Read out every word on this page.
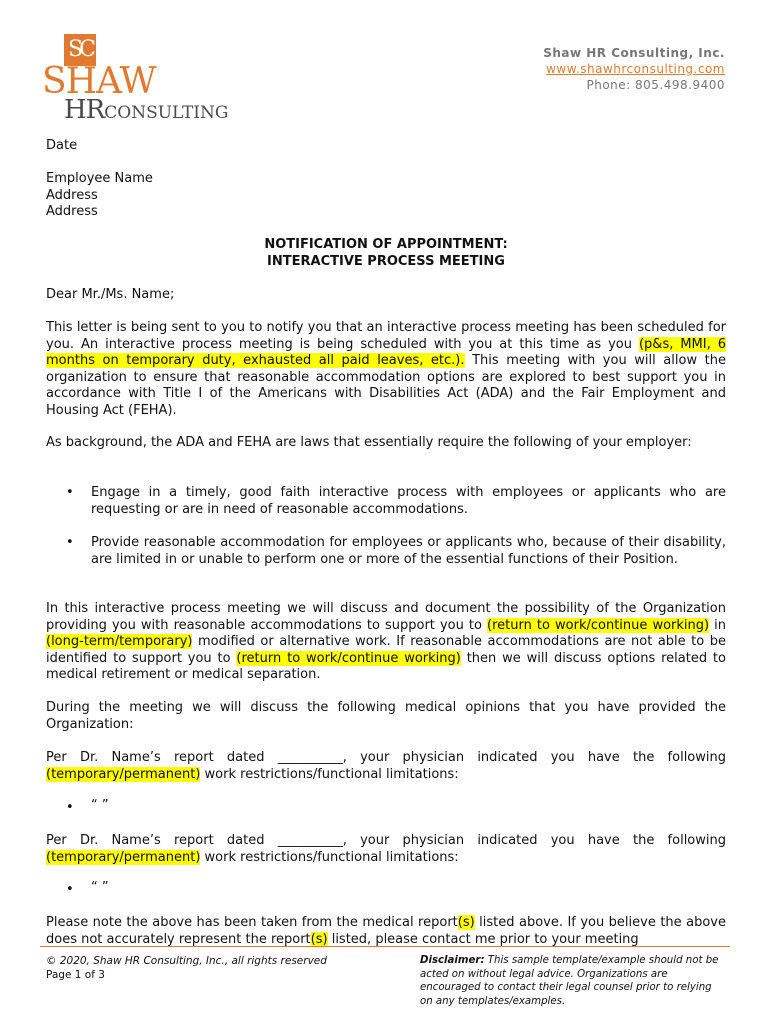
SC
SHAW
HRCONSULTING
Shaw HR Consulting, Inc.
www.shawhrconsulting.com
Phone: 805.498.9400
Date
Employee Name
Address
Address
NOTIFICATION OF APPOINTMENT:
INTERACTIVE PROCESS MEETING
Dear Mr./Ms. Name;
This letter is being sent to you to notify you that an interactive process meeting has been scheduled for you. An interactive process meeting is being scheduled with you at this time as you (p&s, MMI, 6 months on temporary duty, exhausted all paid leaves, etc.). This meeting with you will allow the organization to ensure that reasonable accommodation options are explored to best support you in accordance with Title I of the Americans with Disabilities Act (ADA) and the Fair Employment and Housing Act (FEHA).
As background, the ADA and FEHA are laws that essentially require the following of your employer:
• Engage in a timely, good faith interactive process with employees or applicants who are requesting or are in need of reasonable accommodations.
• Provide reasonable accommodation for employees or applicants who, because of their disability, are limited in or unable to perform one or more of the essential functions of their Position.
In this interactive process meeting we will discuss and document the possibility of the Organization providing you with reasonable accommodations to support you to (return to work/continue working) in (long-term/temporary) modified or alternative work. If reasonable accommodations are not able to be identified to support you to (return to work/continue working) then we will discuss options related to medical retirement or medical separation.
During the meeting we will discuss the following medical opinions that you have provided the Organization:
Per Dr. Name’s report dated __________, your physician indicated you have the following (temporary/permanent) work restrictions/functional limitations:
• “ ”
Per Dr. Name’s report dated __________, your physician indicated you have the following (temporary/permanent) work restrictions/functional limitations:
• “ ”
Please note the above has been taken from the medical report(s) listed above. If you believe the above does not accurately represent the report(s) listed, please contact me prior to your meeting
© 2020, Shaw HR Consulting, Inc., all rights reserved
Page 1 of 3
Disclaimer: This sample template/example should not be acted on without legal advice. Organizations are encouraged to contact their legal counsel prior to relying on any templates/examples.
